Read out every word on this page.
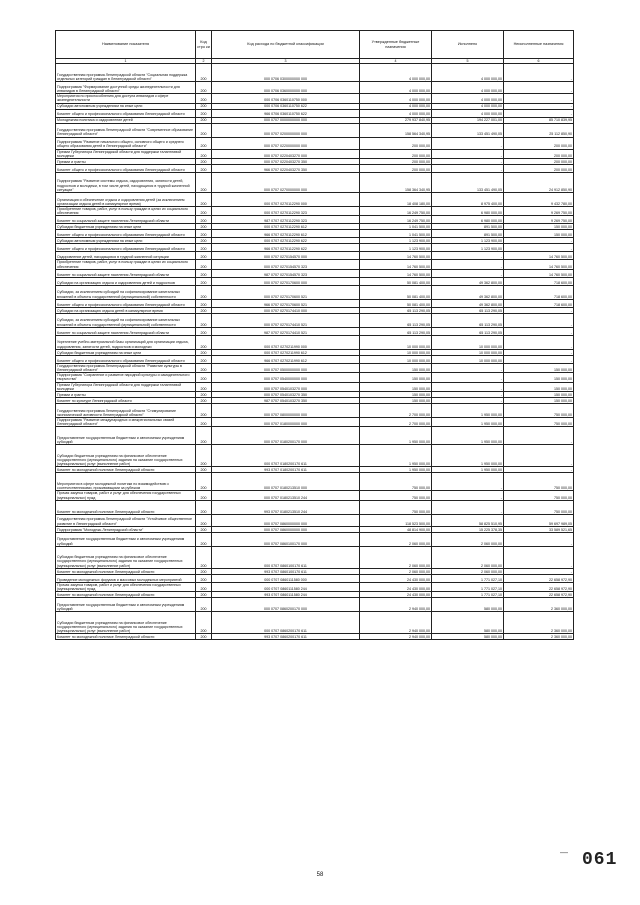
Наименование показателя	Код стро ки	Код расхода по бюджетной классификации	Утвержденные бюджетные назначения	Исполнено	Неисполненные назначения
1	2	3	4	5	6
Государственная программа Ленинградской области "Социальная поддержка отдельных категорий граждан в Ленинградской области"	200	000 0706 0300000000 000	4 000 000,00	4 000 000,00	-
Подпрограмма "Формирование доступной среды жизнедеятельности для инвалидов в Ленинградской области"	200	000 0706 0360000000 000	4 000 000,00	4 000 000,00	-
Мероприятия по приспособлению для доступа инвалидов к сфере жизнедеятельности	200	000 0706 0360110750 000	4 000 000,00	4 000 000,00	-
Субсидии автономным учреждениям на иные цели	200	000 0706 0360110750 622	4 000 000,00	4 000 000,00	-
Комитет общего и профессионального образования Ленинградской области	200	966 0706 0360110750 622	4 000 000,00	4 000 000,00	-
Молодежная политика и оздоровление детей	200	000 0707 0000000000 000	279 937 840,95	194 227 001,00	85 710 839,95
Государственная программа Ленинградской области "Современное образование Ленинградской области"	200	000 0707 0200000000 000	158 564 340,95	133 451 490,05	25 112 850,90
Подпрограмма "Развитие начального общего, основного общего и среднего общего образования детей в Ленинградской области"	200	000 0707 0220000000 000	200 000,00	-	200 000,00
Премии Губернатора Ленинградской области для поддержки талантливой молодежи	200	000 0707 0220403270 000	200 000,00	-	200 000,00
Премии и гранты	200	000 0707 0220403270 350	200 000,00	-	200 000,00
Комитет общего и профессионального образования Ленинградской области	200	966 0707 0220403270 350	200 000,00	-	200 000,00
Подпрограмма "Развитие системы отдыха, оздоровления, занятости детей, подростков и молодежи, в том числе детей, находящихся в трудной жизненной ситуации"	200	000 0707 0270000000 000	158 364 340,95	133 451 490,05	24 912 850,90
Организация и обеспечение отдыха и оздоровления детей (за исключением организации отдыха детей в каникулярное время)	200	000 0707 0270112290 000	18 408 180,00	8 975 400,00	9 432 780,00
Приобретение товаров, работ, услуг в пользу граждан в целях их социального обеспечения	200	000 0707 0270112290 323	16 249 750,00	6 980 000,00	9 269 750,00
Комитет по социальной защите населения Ленинградской области	200	987 0707 0270112290 323	16 249 750,00	6 980 000,00	9 269 750,00
Субсидии бюджетным учреждениям на иные цели	200	000 0707 0270112290 612	1 041 500,00	891 500,00	150 000,00
Комитет общего и профессионального образования Ленинградской области	200	966 0707 0270112290 612	1 041 500,00	891 500,00	150 000,00
Субсидии автономным учреждениям на иные цели	200	000 0707 0270112290 622	1 123 900,00	1 123 900,00	-
Комитет общего и профессионального образования Ленинградской области	200	966 0707 0270112290 622	1 123 900,00	1 123 900,00	-
Оздоровление детей, находящихся в трудной жизненной ситуации	200	000 0707 0270154570 000	14 760 500,00	-	14 760 500,00
Приобретение товаров, работ, услуг в пользу граждан в целях их социального обеспечения	200	000 0707 0270154570 323	14 760 500,00	-	14 760 500,00
Комитет по социальной защите населения Ленинградской области	200	987 0707 0270154570 323	14 760 500,00	-	14 760 500,00
Субсидии на организацию отдыха и оздоровления детей и подростков	200	000 0707 0270170600 000	50 081 400,00	49 362 800,00	718 600,00
Субсидии, за исключением субсидий на софинансирование капитальных вложений в объекты государственной (муниципальной) собственности	200	000 0707 0270170600 521	50 081 400,00	49 362 800,00	718 600,00
Комитет общего и профессионального образования Ленинградской области	200	966 0707 0270170600 521	50 081 400,00	49 362 800,00	718 600,00
Субсидии на организацию отдыха детей в каникулярное время	200	000 0707 0270174410 000	65 113 290,05	65 113 290,05	-
Субсидии, за исключением субсидий на софинансирование капитальных вложений в объекты государственной (муниципальной) собственности	200	000 0707 0270174410 521	65 113 290,05	65 113 290,05	-
Комитет по социальной защите населения Ленинградской области	200	987 0707 0270174410 521	65 113 290,05	65 113 290,05	-
Укрепление учебно-материальной базы организаций для организации отдыха, оздоровления, занятости детей, подростков и молодежи	200	000 0707 0270211990 000	10 000 000,00	10 000 000,00	-
Субсидии бюджетным учреждениям на иные цели	200	000 0707 0270211990 612	10 000 000,00	10 000 000,00	-
Комитет общего и профессионального образования Ленинградской области	200	966 0707 0270211990 612	10 000 000,00	10 000 000,00	-
Государственная программа Ленинградской области "Развитие культуры в Ленинградской области"	200	000 0707 0500000000 000	150 000,00	-	150 000,00
Подпрограмма "Сохранение и развитие народной культуры и самодеятельного творчества"	200	000 0707 0540000000 000	150 000,00	-	150 000,00
Премии Губернатора Ленинградской области для поддержки талантливой молодежи	200	000 0707 0540103270 000	150 000,00	-	150 000,00
Премии и гранты	200	000 0707 0540103270 350	150 000,00	-	150 000,00
Комитет по культуре Ленинградской области	200	987 0707 0540103270 350	150 000,00	-	150 000,00
Государственная программа Ленинградской области "Стимулирование экономической активности Ленинградской области"	200	000 0707 0800000000 000	2 700 000,00	1 950 000,00	750 000,00
Подпрограмма "Развитие международных и межрегиональных связей Ленинградской области"	200	000 0707 0180000000 000	2 700 000,00	1 950 000,00	750 000,00
Предоставление государственным бюджетным и автономным учреждениям субсидий	200	000 0707 0180200170 000	1 950 000,00	1 950 000,00	-
Субсидии бюджетным учреждениям на финансовое обеспечение государственного (муниципального) задания на оказание государственных (муниципальных) услуг (выполнение работ)	200	000 0707 0180200170 611	1 950 000,00	1 950 000,00	-
Комитет по молодежной политике Ленинградской области	200	993 0707 0180200170 611	1 950 000,00	1 950 000,00	-
Мероприятия в сфере молодежной политики по взаимодействию с соотечественниками, проживающими за рубежом	200	000 0707 0180213510 000	750 000,00	-	750 000,00
Прочая закупка товаров, работ и услуг для обеспечения государственных (муниципальных) нужд	200	000 0707 0180213510 244	750 000,00	-	750 000,00
Комитет по молодежной политике Ленинградской области	200	993 0707 0180213510 244	750 000,00	-	750 000,00
Государственная программа Ленинградской области "Устойчивое общественное развитие в Ленинградской области"	200	000 0707 0860000000 000	118 523 500,00	58 825 510,95	59 697 989,05
Подпрограмма "Молодежь Ленинградской области"	200	000 0707 0860000000 000	48 814 900,00	15 225 378,35	33 589 521,65
Предоставление государственным бюджетным и автономным учреждениям субсидий	200	000 0707 0860100170 000	2 060 000,00	2 060 000,00	-
Субсидии бюджетным учреждениям на финансовое обеспечение государственного (муниципального) задания на оказание государственных (муниципальных) услуг (выполнение работ)	200	000 0707 0860100170 611	2 060 000,00	2 060 000,00	-
Комитет по молодежной политике Ленинградской области	200	993 0707 0860100170 611	2 060 000,00	2 060 000,00	-
Проведение молодежных форумов и массовых молодежных мероприятий	200	000 0707 0860111580 000	24 430 000,00	1 771 027,10	22 658 972,90
Прочая закупка товаров, работ и услуг для обеспечения государственных (муниципальных) нужд	200	000 0707 0860111580 244	24 430 000,00	1 771 027,10	22 658 972,90
Комитет по молодежной политике Ленинградской области	200	993 0707 0860111580 244	24 430 000,00	1 771 027,10	22 658 972,90
Предоставление государственным бюджетным и автономным учреждениям субсидий	200	000 0707 0860200170 000	2 940 000,00	580 000,00	2 360 000,00
Субсидии бюджетным учреждениям на финансовое обеспечение государственного (муниципального) задания на оказание государственных (муниципальных) услуг (выполнение работ)	200	000 0707 0860200170 611	2 940 000,00	580 000,00	2 360 000,00
Комитет по молодежной политике Ленинградской области	200	993 0707 0860200170 611	2 940 000,00	580 000,00	2 360 000,00
— 061
58
